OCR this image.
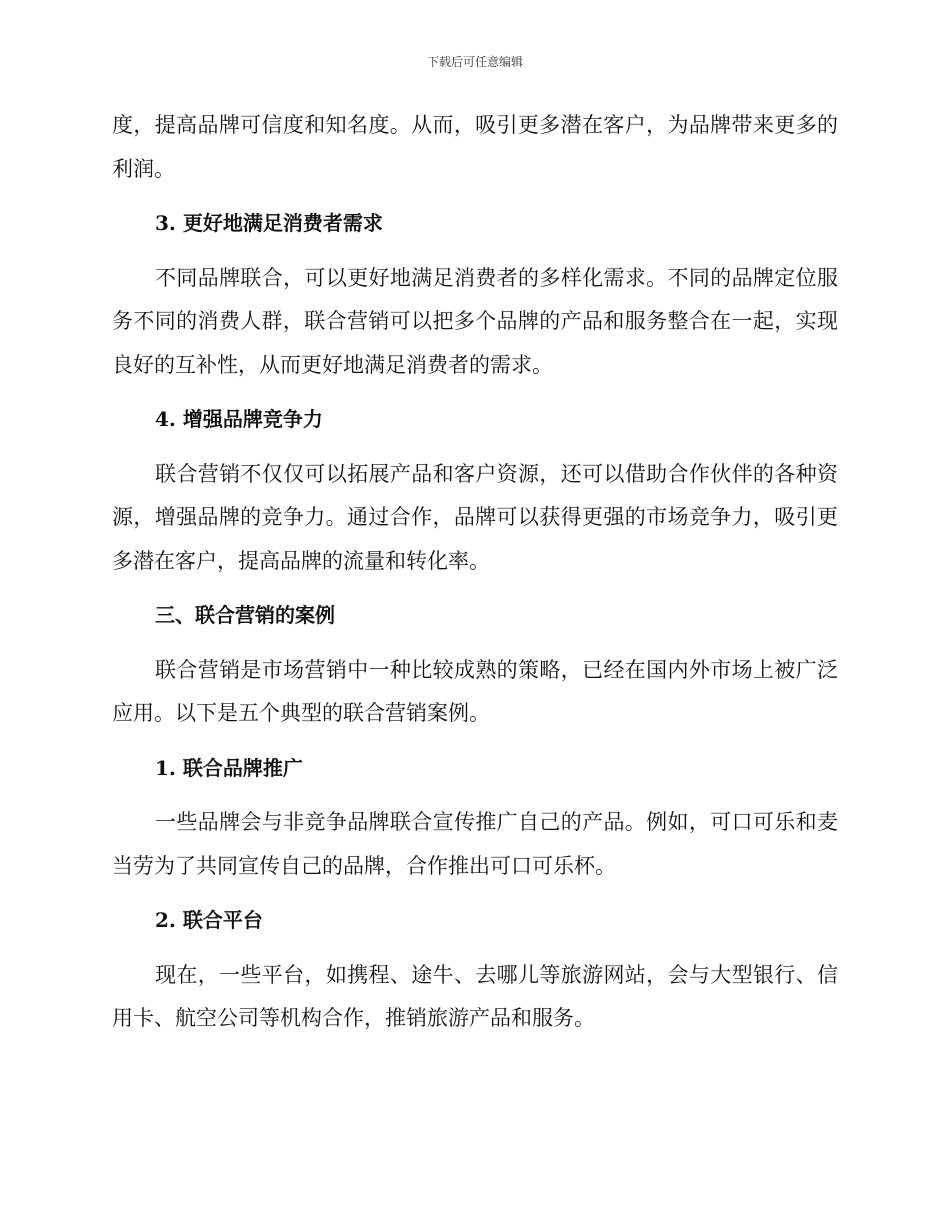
下载后可任意编辑

度，提高品牌可信度和知名度。从而，吸引更多潜在客户，为品牌带来更多的利润。

3. 更好地满足消费者需求

不同品牌联合，可以更好地满足消费者的多样化需求。不同的品牌定位服务不同的消费人群，联合营销可以把多个品牌的产品和服务整合在一起，实现良好的互补性，从而更好地满足消费者的需求。

4. 增强品牌竞争力

联合营销不仅仅可以拓展产品和客户资源，还可以借助合作伙伴的各种资源，增强品牌的竞争力。通过合作，品牌可以获得更强的市场竞争力，吸引更多潜在客户，提高品牌的流量和转化率。

三、联合营销的案例

联合营销是市场营销中一种比较成熟的策略，已经在国内外市场上被广泛应用。以下是五个典型的联合营销案例。

1. 联合品牌推广

一些品牌会与非竞争品牌联合宣传推广自己的产品。例如，可口可乐和麦当劳为了共同宣传自己的品牌，合作推出可口可乐杯。

2. 联合平台

现在，一些平台，如携程、途牛、去哪儿等旅游网站，会与大型银行、信用卡、航空公司等机构合作，推销旅游产品和服务。
